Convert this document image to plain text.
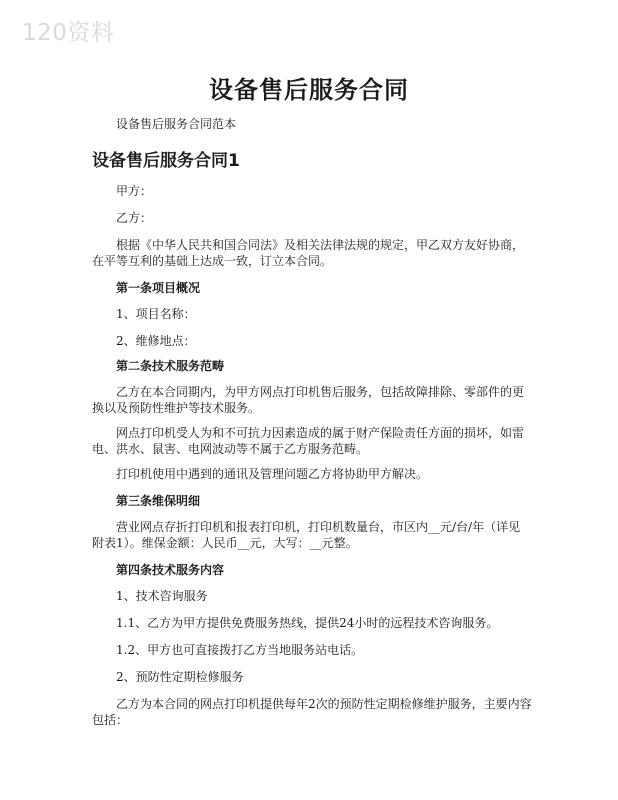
120资料
设备售后服务合同

设备售后服务合同范本

设备售后服务合同1

甲方：

乙方：

根据《中华人民共和国合同法》及相关法律法规的规定，甲乙双方友好协商，在平等互利的基础上达成一致，订立本合同。

第一条项目概况

1、项目名称：

2、维修地点：

第二条技术服务范畴

乙方在本合同期内，为甲方网点打印机售后服务，包括故障排除、零部件的更换以及预防性维护等技术服务。

网点打印机受人为和不可抗力因素造成的属于财产保险责任方面的损坏，如雷电、洪水、鼠害、电网波动等不属于乙方服务范畴。

打印机使用中遇到的通讯及管理问题乙方将协助甲方解决。

第三条维保明细

营业网点存折打印机和报表打印机，打印机数量台，市区内__元/台/年（详见附表1）。维保金额：人民币__元，大写：__元整。

第四条技术服务内容

1、技术咨询服务

1.1、乙方为甲方提供免费服务热线，提供24小时的远程技术咨询服务。

1.2、甲方也可直接拨打乙方当地服务站电话。

2、预防性定期检修服务

乙方为本合同的网点打印机提供每年2次的预防性定期检修维护服务，主要内容包括：
